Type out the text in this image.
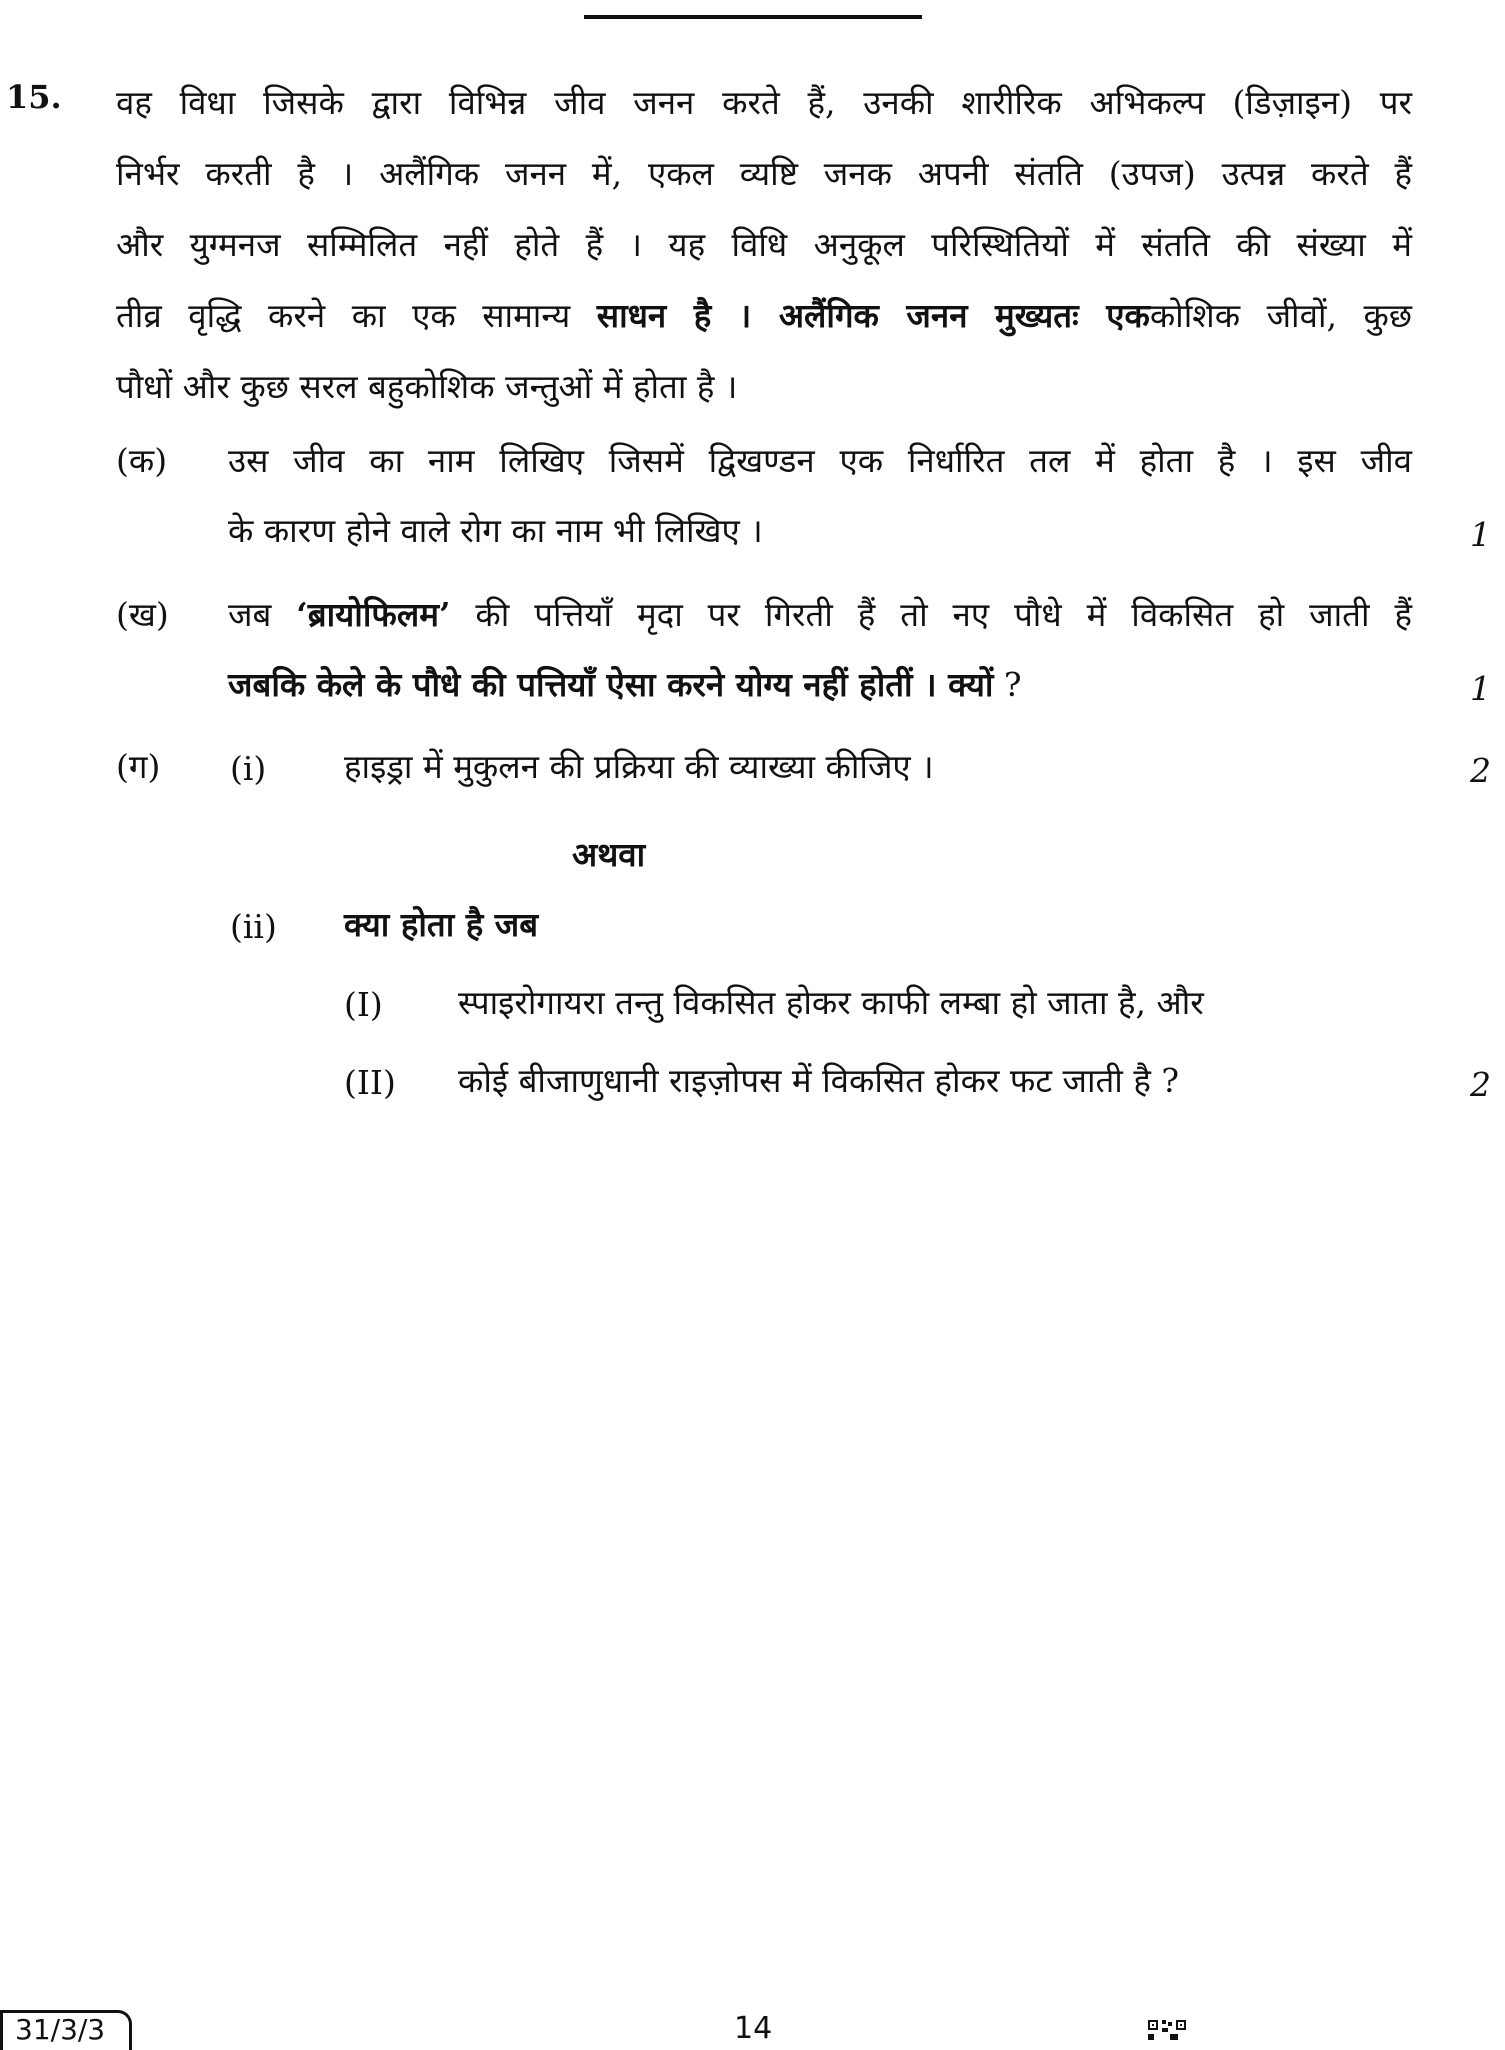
15. वह विधा जिसके द्वारा विभिन्न जीव जनन करते हैं, उनकी शारीरिक अभिकल्प (डिज़ाइन) पर
निर्भर करती है । अलैंगिक जनन में, एकल व्यष्टि जनक अपनी संतति (उपज) उत्पन्न करते हैं
और युग्मनज सम्मिलित नहीं होते हैं । यह विधि अनुकूल परिस्थितियों में संतति की संख्या में
तीव्र वृद्धि करने का एक सामान्य साधन है । अलैंगिक जनन मुख्यतः एककोशिक जीवों, कुछ
पौधों और कुछ सरल बहुकोशिक जन्तुओं में होता है ।
(क) उस जीव का नाम लिखिए जिसमें द्विखण्डन एक निर्धारित तल में होता है । इस जीव
के कारण होने वाले रोग का नाम भी लिखिए ।	1
(ख) जब ‘ब्रायोफिलम’ की पत्तियाँ मृदा पर गिरती हैं तो नए पौधे में विकसित हो जाती हैं
जबकि केले के पौधे की पत्तियाँ ऐसा करने योग्य नहीं होतीं । क्यों ?	1
(ग) (i) हाइड्रा में मुकुलन की प्रक्रिया की व्याख्या कीजिए ।	2
अथवा
(ii) क्या होता है जब
(I) स्पाइरोगायरा तन्तु विकसित होकर काफी लम्बा हो जाता है, और
(II) कोई बीजाणुधानी राइज़ोपस में विकसित होकर फट जाती है ?	2
31/3/3	14
